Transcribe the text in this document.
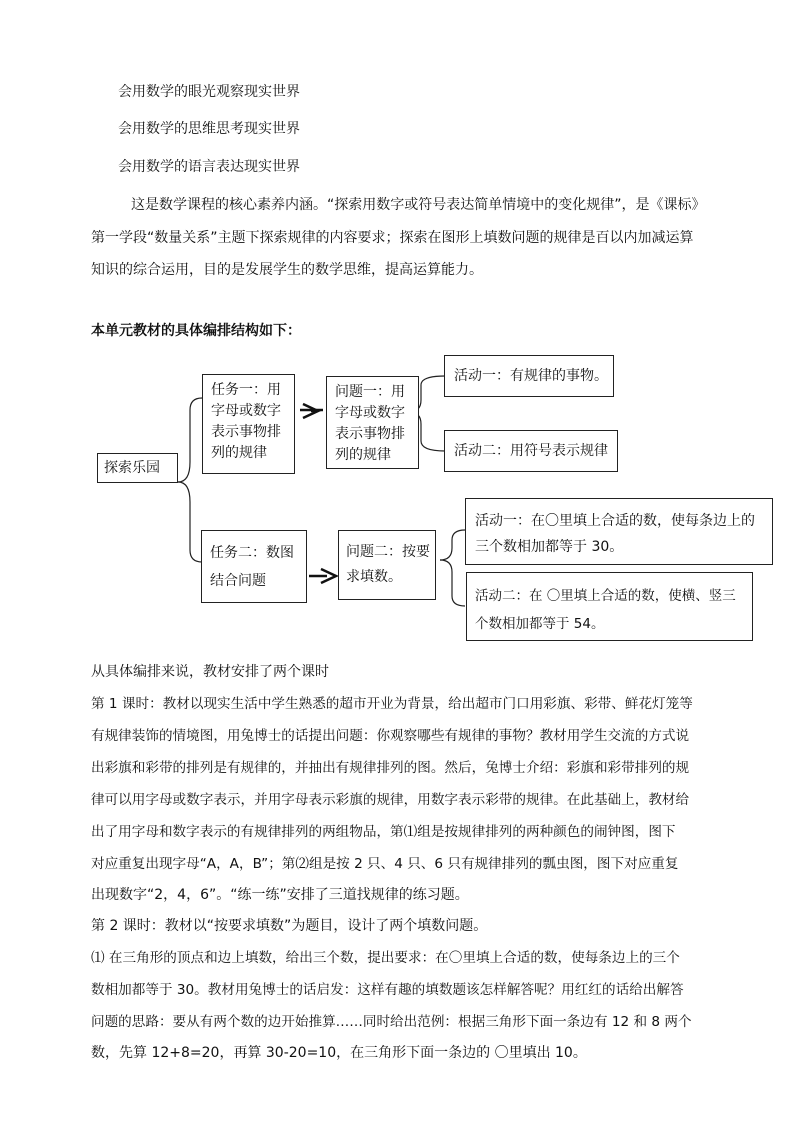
会用数学的眼光观察现实世界
会用数学的思维思考现实世界
会用数学的语言表达现实世界
这是数学课程的核心素养内涵。“探索用数字或符号表达简单情境中的变化规律”，是《课标》
第一学段“数量关系”主题下探索规律的内容要求；探索在图形上填数问题的规律是百以内加减运算
知识的综合运用，目的是发展学生的数学思维，提高运算能力。
本单元教材的具体编排结构如下：
探索乐园
任务一：用
字母或数字
表示事物排
列的规律
问题一：用
字母或数字
表示事物排
列的规律
活动一：有规律的事物。
活动二：用符号表示规律
任务二：数图
结合问题
问题二：按要
求填数。
活动一：在〇里填上合适的数，使每条边上的
三个数相加都等于 30。
活动二：在 〇里填上合适的数，使横、竖三
个数相加都等于 54。
从具体编排来说，教材安排了两个课时
第 1 课时：教材以现实生活中学生熟悉的超市开业为背景，给出超市门口用彩旗、彩带、鲜花灯笼等
有规律装饰的情境图，用兔博士的话提出问题：你观察哪些有规律的事物？教材用学生交流的方式说
出彩旗和彩带的排列是有规律的，并抽出有规律排列的图。然后，兔博士介绍：彩旗和彩带排列的规
律可以用字母或数字表示，并用字母表示彩旗的规律，用数字表示彩带的规律。在此基础上，教材给
出了用字母和数字表示的有规律排列的两组物品，第⑴组是按规律排列的两种颜色的闹钟图，图下
对应重复出现字母“A，A，B”；第⑵组是按 2 只、4 只、6 只有规律排列的瓢虫图，图下对应重复
出现数字“2，4，6”。“练一练”安排了三道找规律的练习题。
第 2 课时：教材以“按要求填数”为题目，设计了两个填数问题。
⑴ 在三角形的顶点和边上填数，给出三个数，提出要求：在〇里填上合适的数，使每条边上的三个
数相加都等于 30。教材用兔博士的话启发：这样有趣的填数题该怎样解答呢？用红红的话给出解答
问题的思路：要从有两个数的边开始推算……同时给出范例：根据三角形下面一条边有 12 和 8 两个
数，先算 12+8=20，再算 30-20=10，在三角形下面一条边的 〇里填出 10。
